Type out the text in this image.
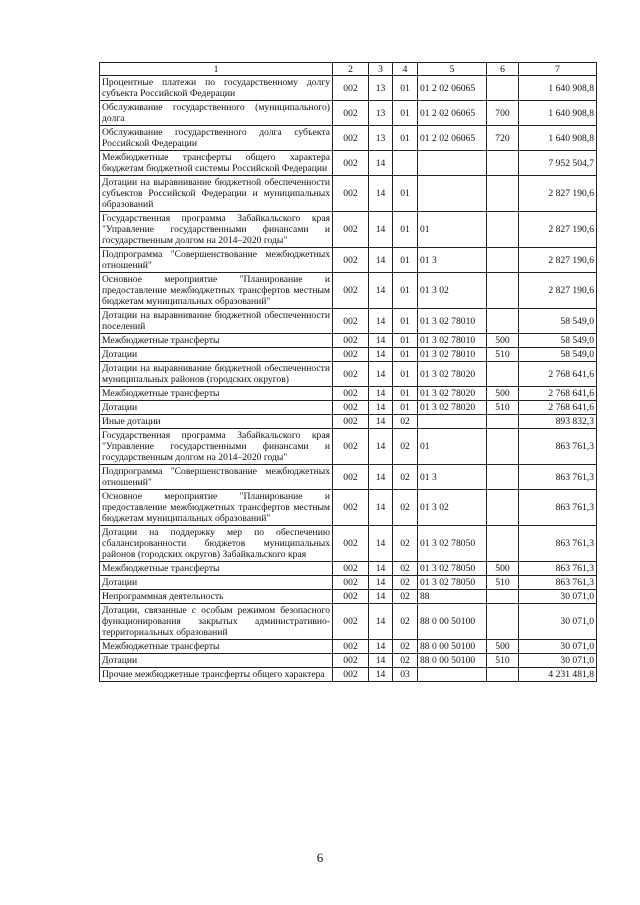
1	2	3	4	5	6	7
Процентные платежи по государственному долгу субъекта Российской Федерации	002	13	01	01 2 02 06065		1 640 908,8
Обслуживание государственного (муниципального) долга	002	13	01	01 2 02 06065	700	1 640 908,8
Обслуживание государственного долга субъекта Российской Федерации	002	13	01	01 2 02 06065	720	1 640 908,8
Межбюджетные трансферты общего характера бюджетам бюджетной системы Российской Федерации	002	14				7 952 504,7
Дотации на выравнивание бюджетной обеспеченности субъектов Российской Федерации и муниципальных образований	002	14	01			2 827 190,6
Государственная программа Забайкальского края "Управление государственными финансами и государственным долгом на 2014–2020 годы"	002	14	01	01		2 827 190,6
Подпрограмма "Совершенствование межбюджетных отношений"	002	14	01	01 3		2 827 190,6
Основное мероприятие "Планирование и предоставление межбюджетных трансфертов местным бюджетам муниципальных образований"	002	14	01	01 3 02		2 827 190,6
Дотации на выравнивание бюджетной обеспеченности поселений	002	14	01	01 3 02 78010		58 549,0
Межбюджетные трансферты	002	14	01	01 3 02 78010	500	58 549,0
Дотации	002	14	01	01 3 02 78010	510	58 549,0
Дотации на выравнивание бюджетной обеспеченности муниципальных районов (городских округов)	002	14	01	01 3 02 78020		2 768 641,6
Межбюджетные трансферты	002	14	01	01 3 02 78020	500	2 768 641,6
Дотации	002	14	01	01 3 02 78020	510	2 768 641,6
Иные дотации	002	14	02			893 832,3
Государственная программа Забайкальского края "Управление государственными финансами и государственным долгом на 2014–2020 годы"	002	14	02	01		863 761,3
Подпрограмма "Совершенствование межбюджетных отношений"	002	14	02	01 3		863 761,3
Основное мероприятие "Планирование и предоставление межбюджетных трансфертов местным бюджетам муниципальных образований"	002	14	02	01 3 02		863 761,3
Дотации на поддержку мер по обеспечению сбалансированности бюджетов муниципальных районов (городских округов) Забайкальского края	002	14	02	01 3 02 78050		863 761,3
Межбюджетные трансферты	002	14	02	01 3 02 78050	500	863 761,3
Дотации	002	14	02	01 3 02 78050	510	863 761,3
Непрограммная деятельность	002	14	02	88		30 071,0
Дотации, связанные с особым режимом безопасного функционирования закрытых административно-территориальных образований	002	14	02	88 0 00 50100		30 071,0
Межбюджетные трансферты	002	14	02	88 0 00 50100	500	30 071,0
Дотации	002	14	02	88 0 00 50100	510	30 071,0
Прочие межбюджетные трансферты общего характера	002	14	03			4 231 481,8
6
